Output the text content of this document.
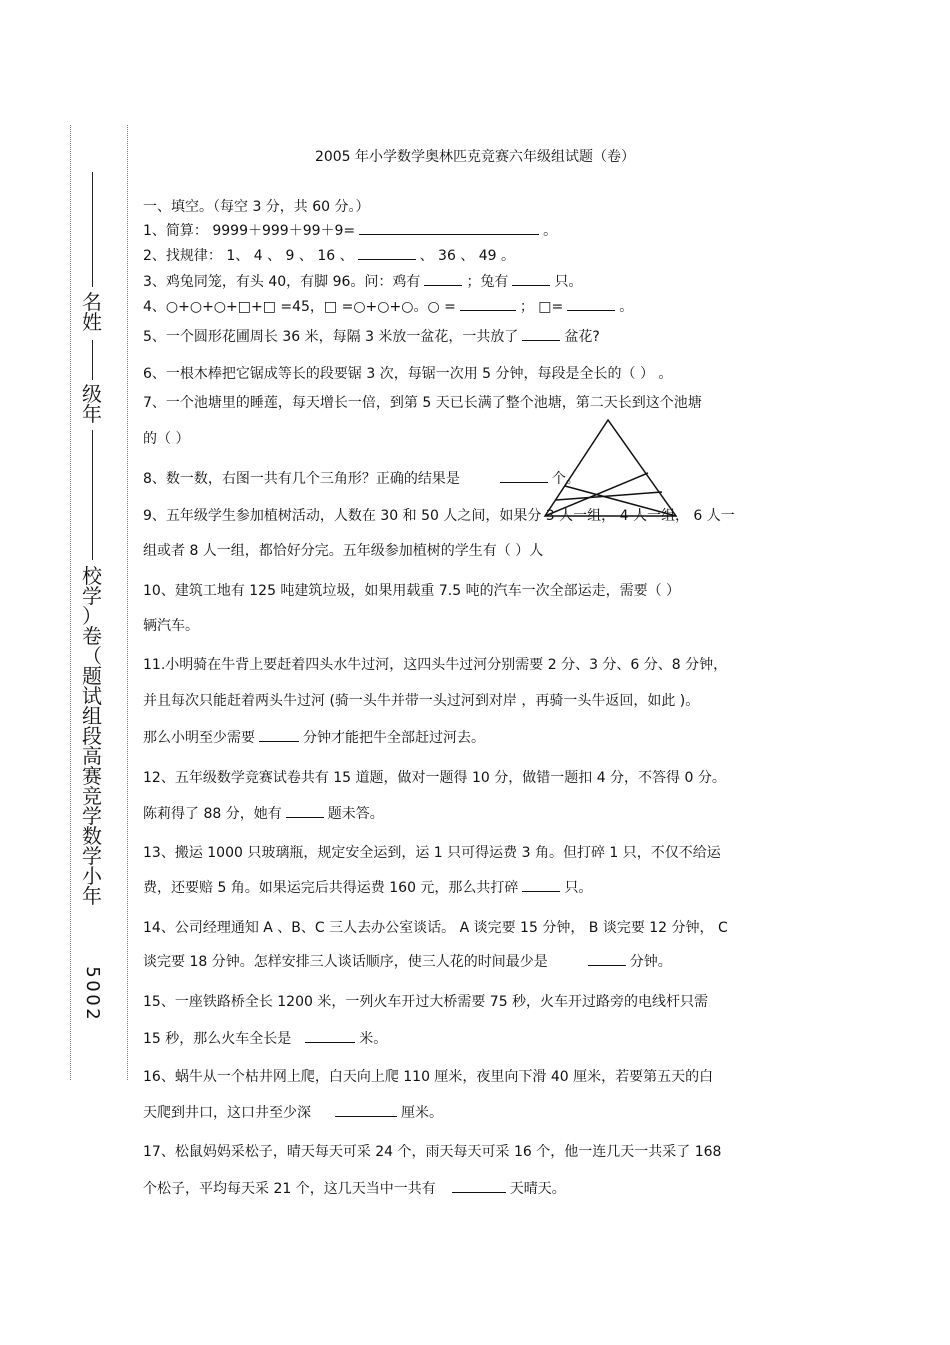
名
姓
级
年
校
学
）
卷
（
题
试
组
段
高
赛
竞
学
数
学
小
年
5
0
0
2
2005 年小学数学奥林匹克竞赛六年级组试题（卷）
一、填空。（每空 3 分，共 60 分。）
1、简算： 9999＋999＋99＋9=	。
2、找规律： 1、 4 、 9 、 16 、	、 36 、 49 。
3、鸡兔同笼，有头 40，有脚 96。问：鸡有	；兔有	只。
4、○+○+○+□+□ =45，□ =○+○+○。○ =	； □=	。
5、一个圆形花圃周长 36 米，每隔 3 米放一盆花，一共放了	盆花?
6、一根木棒把它锯成等长的段要锯 3 次，每锯一次用 5 分钟，每段是全长的（ ） 。
7、一个池塘里的睡莲，每天增长一倍，到第 5 天已长满了整个池塘，第二天长到这个池塘
的（ ）
8、数一数，右图一共有几个三角形？正确的结果是	个。
9、五年级学生参加植树活动，人数在 30 和 50 人之间，如果分 3 人一组， 4 人一组， 6 人一
组或者 8 人一组，都恰好分完。五年级参加植树的学生有（ ）人
10、建筑工地有 125 吨建筑垃圾，如果用载重 7.5 吨的汽车一次全部运走，需要（ ）
辆汽车。
11.小明骑在牛背上要赶着四头水牛过河，这四头牛过河分别需要 2 分、3 分、6 分、8 分钟，
并且每次只能赶着两头牛过河 (骑一头牛并带一头过河到对岸 ，再骑一头牛返回，如此 )。
那么小明至少需要	分钟才能把牛全部赶过河去。
12、五年级数学竞赛试卷共有 15 道题，做对一题得 10 分，做错一题扣 4 分，不答得 0 分。
陈莉得了 88 分，她有	题未答。
13、搬运 1000 只玻璃瓶，规定安全运到，运 1 只可得运费 3 角。但打碎 1 只，不仅不给运
费，还要赔 5 角。如果运完后共得运费 160 元，那么共打碎	只。
14、公司经理通知 A 、B、C 三人去办公室谈话。 A 谈完要 15 分钟， B 谈完要 12 分钟， C
谈完要 18 分钟。怎样安排三人谈话顺序，使三人花的时间最少是	分钟。
15、一座铁路桥全长 1200 米，一列火车开过大桥需要 75 秒，火车开过路旁的电线杆只需
15 秒，那么火车全长是	米。
16、蜗牛从一个枯井网上爬，白天向上爬 110 厘米，夜里向下滑 40 厘米，若要第五天的白
天爬到井口，这口井至少深	厘米。
17、松鼠妈妈采松子，晴天每天可采 24 个，雨天每天可采 16 个，他一连几天一共采了 168
个松子，平均每天采 21 个，这几天当中一共有	天晴天。
